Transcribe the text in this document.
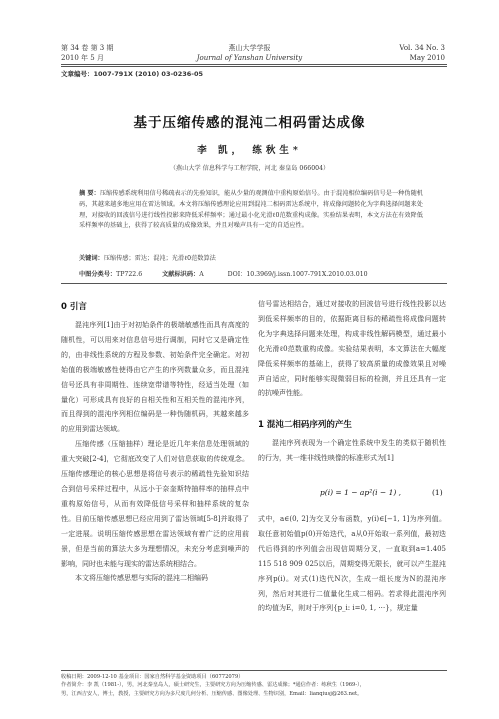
第 34 卷 第 3 期
2010 年 5 月
燕山大学学报
Journal of Yanshan University
Vol. 34 No. 3
May 2010
文章编号：1007-791X (2010) 03-0236-05
基于压缩传感的混沌二相码雷达成像
李 凯， 练秋生*
（燕山大学 信息科学与工程学院，河北 秦皇岛 066004）
摘 要：压缩传感系统利用信号稀疏表示的先验知识，能从少量的观测值中重构原始信号。由于混沌相位编码信号是一种伪随机码，其越来越多地应用在雷达领域。本文将压缩传感理论应用到混沌二相码雷达系统中，将成像问题转化为字典选择问题来处理，对接收的回波信号进行线性投影来降低采样频率；通过最小化光滑ℓ0范数重构成像。实验结果表明，本文方法在有效降低采样频率的基础上，获得了较高质量的成像效果，并且对噪声具有一定的自适应性。
关键词：压缩传感；雷达；混沌；光滑ℓ0范数算法
中图分类号：TP722.6	文献标识码：A	DOI：10.3969/j.issn.1007-791X.2010.03.010
0 引言

混沌序列[1]由于对初始条件的极端敏感性而具有高度的随机性，可以用来对信息信号进行调制，同时它又是确定性的，由非线性系统的方程及参数、初始条件完全确定。对初始值的极端敏感性使得由它产生的序列数量众多，而且混沌信号还具有非周期性、连续宽带谱等特性，经适当处理（如量化）可形成具有良好的自相关性和互相关性的混沌序列，而且得到的混沌序列相位编码是一种伪随机码，其越来越多的应用到雷达领域。

压缩传感（压缩抽样）理论是近几年来信息处理领域的重大突破[2-4]，它彻底改变了人们对信息获取的传统观念。压缩传感理论的核心思想是将信号表示的稀疏性先验知识结合到信号采样过程中，从远小于奈奎斯特抽样率的抽样点中重构原始信号，从而有效降低信号采样和抽样系统的复杂性。目前压缩传感思想已经应用到了雷达领域[5-8]并取得了一定进展。说明压缩传感思想在雷达领域有着广泛的应用前景，但是当前的算法大多为理想情况，未充分考虑到噪声的影响，同时也未能与现实的雷达系统相结合。

本文将压缩传感思想与实际的混沌二相编码

信号雷达相结合，通过对接收的回波信号进行线性投影以达到低采样频率的目的，依据距离目标的稀疏性将成像问题转化为字典选择问题来处理，构成非线性解码模型，通过最小化光滑ℓ0范数重构成像。实验结果表明，本文算法在大幅度降低采样频率的基础上，获得了较高质量的成像效果且对噪声自适应，同时能够实现微弱目标的检测，并且还具有一定的抗噪声性能。

1 混沌二相码序列的产生

混沌序列表现为一个确定性系统中发生的类似于随机性的行为，其一维非线性映像的标准形式为[1]

p(i) = 1 − ap²(i − 1) ,	(1)

式中，a∈(0, 2]为交叉分布函数，y(i)∈[−1, 1]为序列值。取任意初始值p(0)开始迭代，a从0开始取一系列值，最初迭代后得到的序列值会出现信周期分叉，一直取到a=1.405 115 518 909 025以后，周期变得无限长，就可以产生混沌序列p(i)。对式(1)迭代N次，生成一组长度为N的混沌序列，然后对其进行二值量化生成二相码。若求得此混沌序列的均值为E，则对于序列{p_i: i=0, 1, ⋯}，规定量

收稿日期：2009-12-10 基金项目：国家自然科学基金资助项目（60772079）
作者简介：李 凯（1981-），男，河北秦皇岛人，硕士研究生，主要研究方向为压缩传感、雷达成像；*通信作者：练秋生（1969-），
男，江西吉安人，博士，教授，主要研究方向为多尺度几何分析、压缩传感、图像处理、生物识别，Email：lianqiusj@263.net。
